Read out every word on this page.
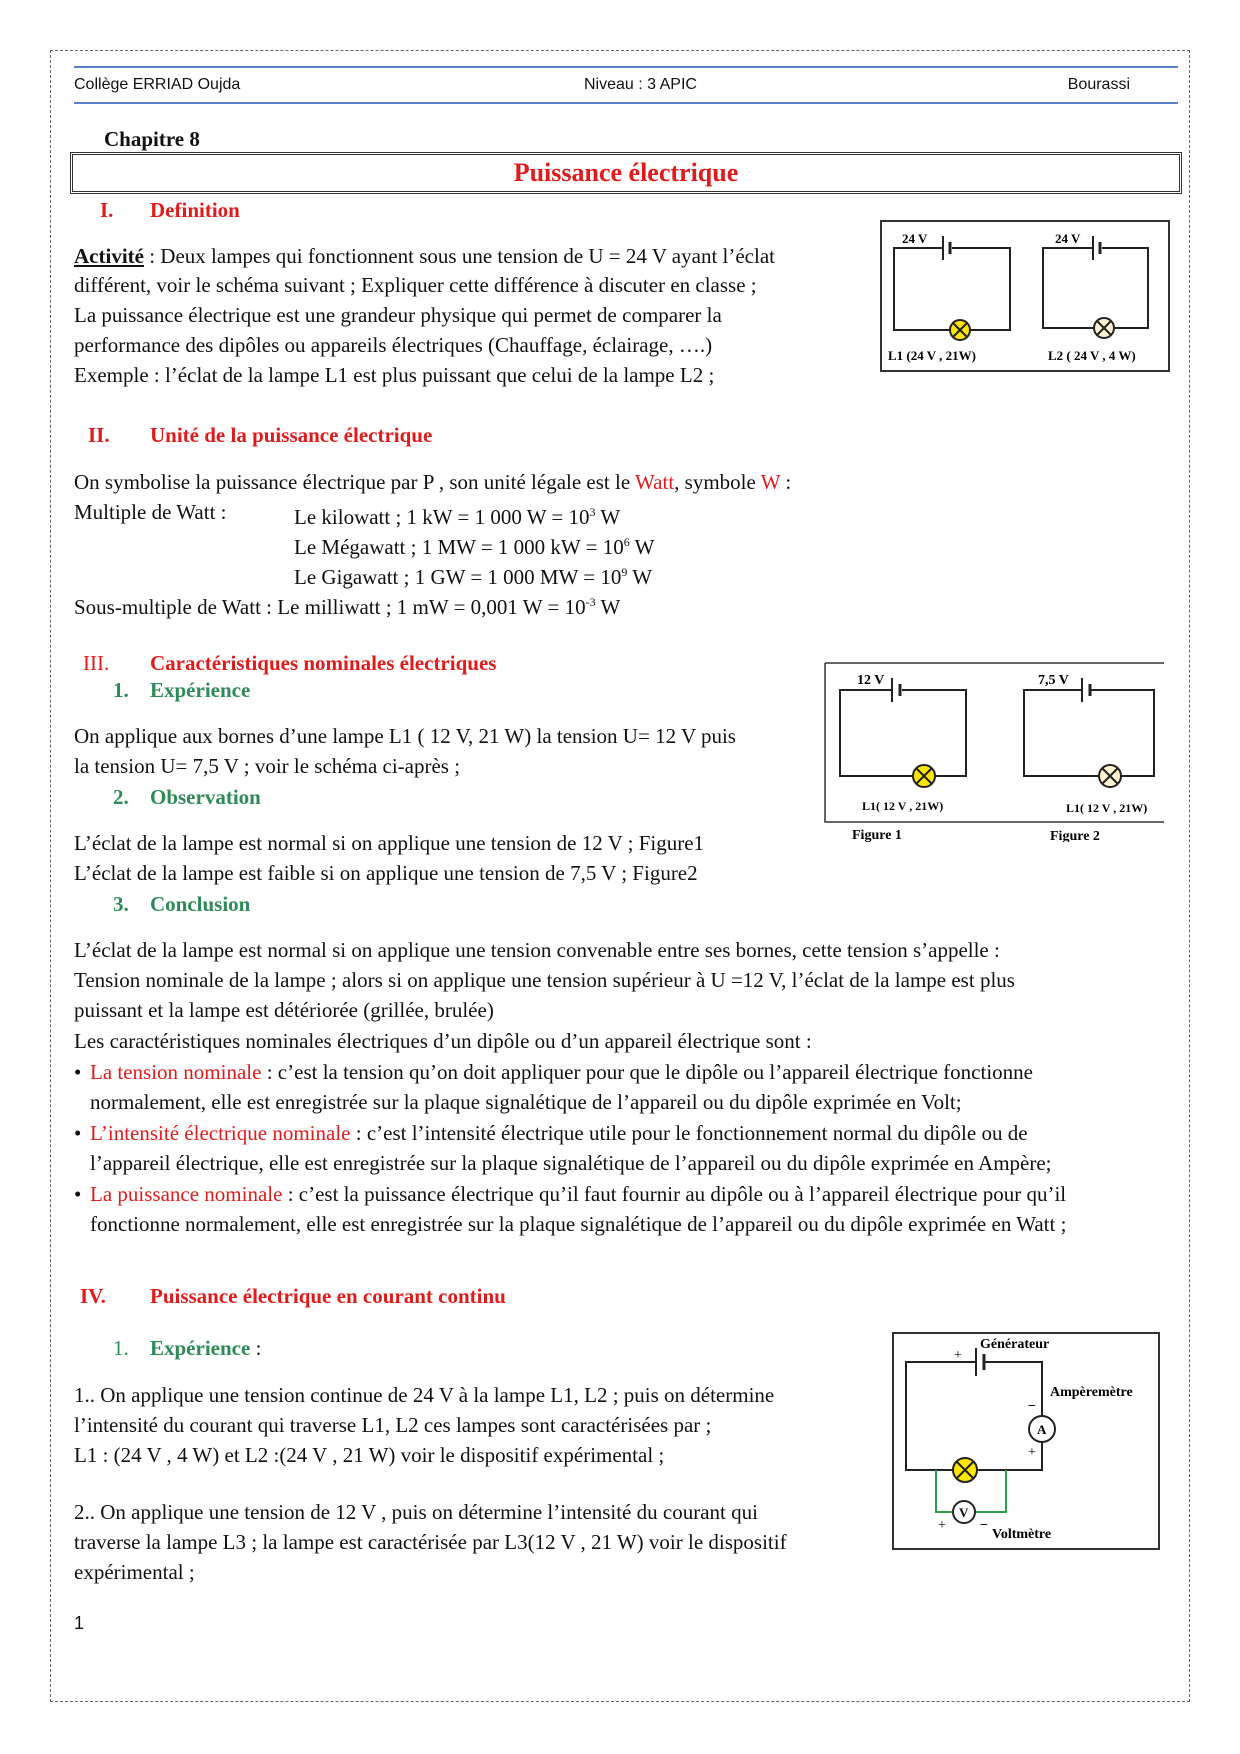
Collège ERRIAD Oujda	Niveau : 3 APIC	Bourassi
Chapitre 8
Puissance électrique
I. Definition
Activité : Deux lampes qui fonctionnent sous une tension de U = 24 V ayant l’éclat
différent, voir le schéma suivant ; Expliquer cette différence à discuter en classe ;
La puissance électrique est une grandeur physique qui permet de comparer la
performance des dipôles ou appareils électriques (Chauffage, éclairage, ….)
Exemple : l’éclat de la lampe L1 est plus puissant que celui de la lampe L2 ;
24 V
L1 (24 V , 21W)
24 V
L2 ( 24 V , 4 W)
II. Unité de la puissance électrique
On symbolise la puissance électrique par P , son unité légale est le Watt, symbole W :
Multiple de Watt :	Le kilowatt ; 1 kW = 1 000 $W = 10^3$ W
Le Mégawatt ; 1 MW = 1 000 kW = $10^6$ W
Le Gigawatt ; 1 GW = 1 000 MW = $10^9$ W
Sous-multiple de Watt : Le milliwatt ; 1 mW = 0,001 $W = 10^{-3}$ W
III. Caractéristiques nominales électriques
1. Expérience
On applique aux bornes d’une lampe L1 ( 12 V, 21 W) la tension U= 12 V puis
la tension U= 7,5 V ; voir le schéma ci-après ;
2. Observation
L’éclat de la lampe est normal si on applique une tension de 12 V ; Figure1
L’éclat de la lampe est faible si on applique une tension de 7,5 V ; Figure2
3. Conclusion
L’éclat de la lampe est normal si on applique une tension convenable entre ses bornes, cette tension s’appelle :
Tension nominale de la lampe ; alors si on applique une tension supérieur à U =12 V, l’éclat de la lampe est plus
puissant et la lampe est détériorée (grillée, brulée)
Les caractéristiques nominales électriques d’un dipôle ou d’un appareil électrique sont :
• La tension nominale : c’est la tension qu’on doit appliquer pour que le dipôle ou l’appareil électrique fonctionne
normalement, elle est enregistrée sur la plaque signalétique de l’appareil ou du dipôle exprimée en Volt;
• L’intensité électrique nominale : c’est l’intensité électrique utile pour le fonctionnement normal du dipôle ou de
l’appareil électrique, elle est enregistrée sur la plaque signalétique de l’appareil ou du dipôle exprimée en Ampère;
• La puissance nominale : c’est la puissance électrique qu’il faut fournir au dipôle ou à l’appareil électrique pour qu’il
fonctionne normalement, elle est enregistrée sur la plaque signalétique de l’appareil ou du dipôle exprimée en Watt ;
12 V
L1( 12 V , 21W)
7,5 V
L1( 12 V , 21W)
Figure 1	Figure 2
IV. Puissance électrique en courant continu
1. Expérience :
1.. On applique une tension continue de 24 V à la lampe L1, L2 ; puis on détermine
l’intensité du courant qui traverse L1, L2 ces lampes sont caractérisées par ;
L1 : (24 V , 4 W) et L2 :(24 V , 21 W) voir le dispositif expérimental ;
2.. On applique une tension de 12 V , puis on détermine l’intensité du courant qui
traverse la lampe L3 ; la lampe est caractérisée par L3(12 V , 21 W) voir le dispositif
expérimental ;
+
Générateur
A
−
+
Ampèremètre
V
+ −
Voltmètre
1
